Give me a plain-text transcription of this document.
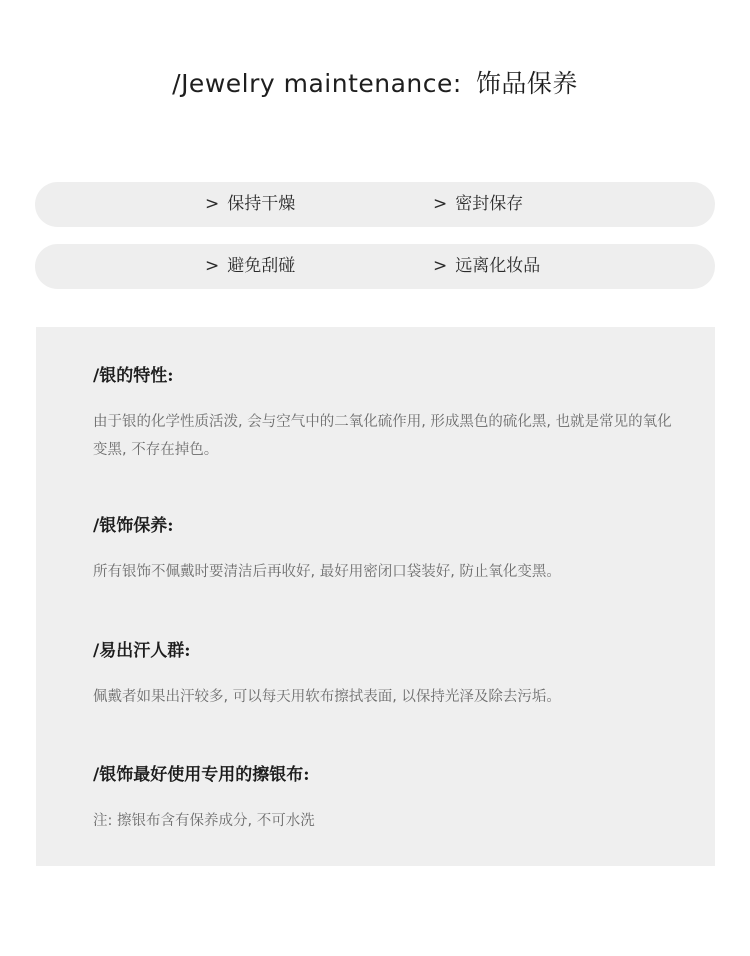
/Jewelry maintenance: 饰品保养
> 保持干燥	> 密封保存
> 避免刮碰	> 远离化妆品
/银的特性:

由于银的化学性质活泼, 会与空气中的二氧化硫作用, 形成黑色的硫化黑, 也就是常见的氧化变黑, 不存在掉色。

/银饰保养:

所有银饰不佩戴时要清洁后再收好, 最好用密闭口袋装好, 防止氧化变黑。

/易出汗人群:

佩戴者如果出汗较多, 可以每天用软布擦拭表面, 以保持光泽及除去污垢。

/银饰最好使用专用的擦银布:

注: 擦银布含有保养成分, 不可水洗
